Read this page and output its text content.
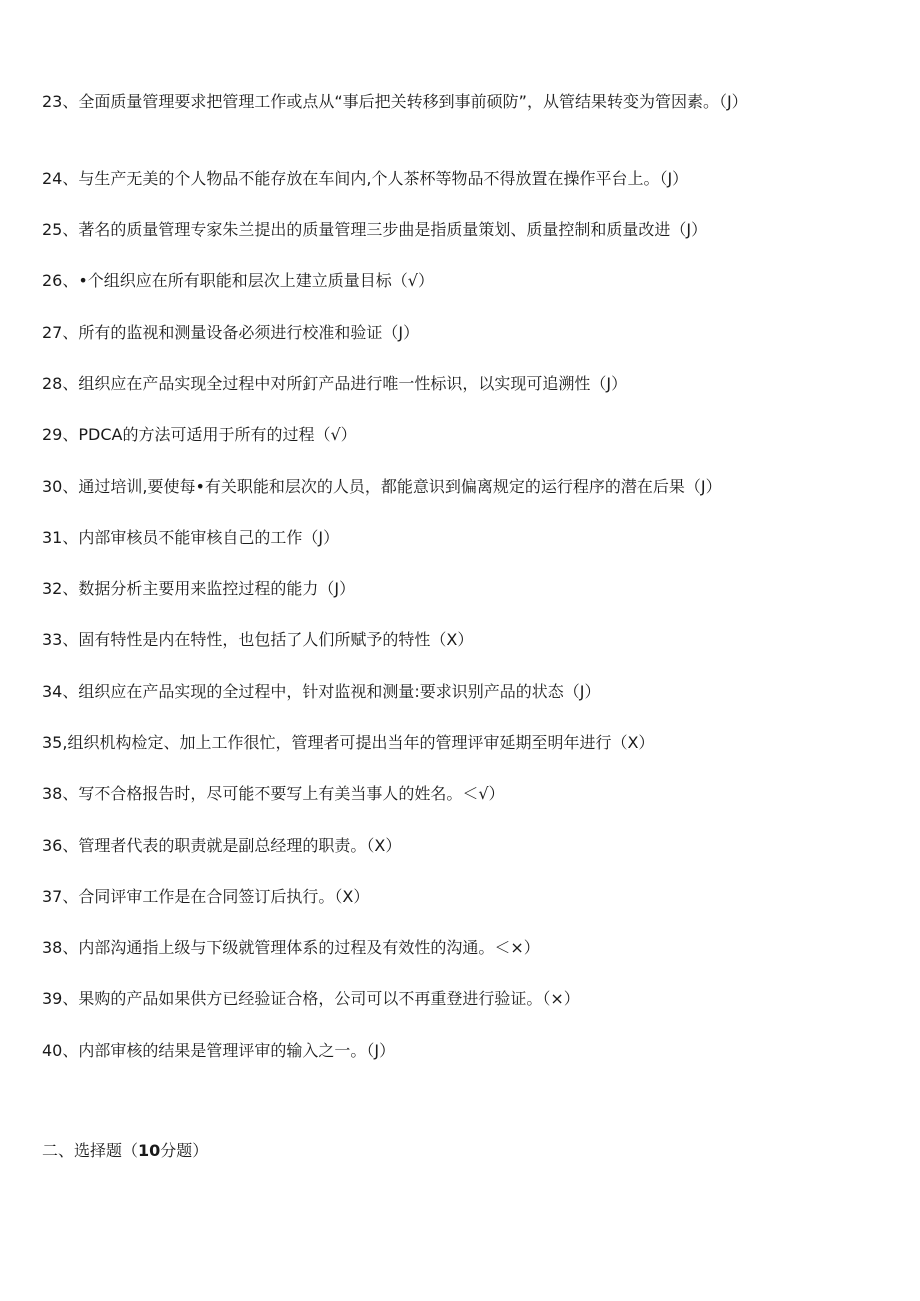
23、全面质量管理要求把管理工作或点从“事后把关转移到事前硕防”，从管结果转变为管因素。（J）
24、与生产无美的个人物品不能存放在车间内,个人茶杯等物品不得放置在操作平台上。（J）
25、著名的质量管理专家朱兰提出的质量管理三步曲是指质量策划、质量控制和质量改进（J）
26、•个组织应在所有职能和层次上建立质量目标（√）
27、所有的监视和测量设备必须进行校准和验证（J）
28、组织应在产品实现全过程中对所釘产品进行唯一性标识，以实现可追溯性（J）
29、PDCA的方法可适用于所有的过程（√）
30、通过培训,要使每•有关职能和层次的人员，都能意识到偏离规定的运行程序的潜在后果（J）
31、内部审核员不能审核自己的工作（J）
32、数据分析主要用来监控过程的能力（J）
33、固有特性是内在特性，也包括了人们所赋予的特性（X）
34、组织应在产品实现的全过程中，针对监视和测量:要求识别产品的状态（J）
35,组织机构检定、加上工作很忙，管理者可提出当年的管理评审延期至明年进行（X）
38、写不合格报告时，尽可能不要写上有美当事人的姓名。＜√）
36、管理者代表的职责就是副总经理的职责。（X）
37、合同评审工作是在合同签订后执行。（X）
38、内部沟通指上级与下级就管理体系的过程及有效性的沟通。＜×）
39、果购的产品如果供方已经验证合格，公司可以不再重登进行验证。（×）
40、内部审核的结果是管理评审的输入之一。（J）
二、选择题（10分题）
